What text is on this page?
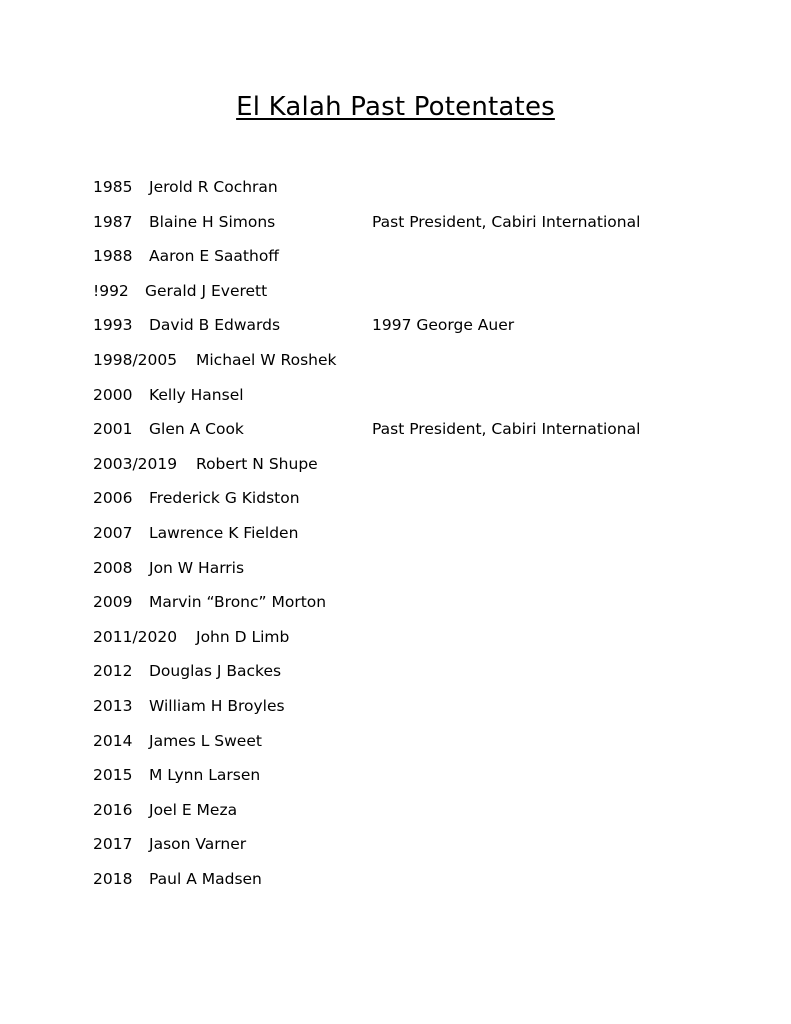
El Kalah Past Potentates
1985 Jerold R Cochran
1987 Blaine H Simons	Past President, Cabiri International
1988 Aaron E Saathoff
!992 Gerald J Everett
1993 David B Edwards	1997 George Auer
1998/2005 Michael W Roshek
2000 Kelly Hansel
2001 Glen A Cook	Past President, Cabiri International
2003/2019 Robert N Shupe
2006 Frederick G Kidston
2007 Lawrence K Fielden
2008 Jon W Harris
2009 Marvin “Bronc” Morton
2011/2020 John D Limb
2012 Douglas J Backes
2013 William H Broyles
2014 James L Sweet
2015 M Lynn Larsen
2016 Joel E Meza
2017 Jason Varner
2018 Paul A Madsen
